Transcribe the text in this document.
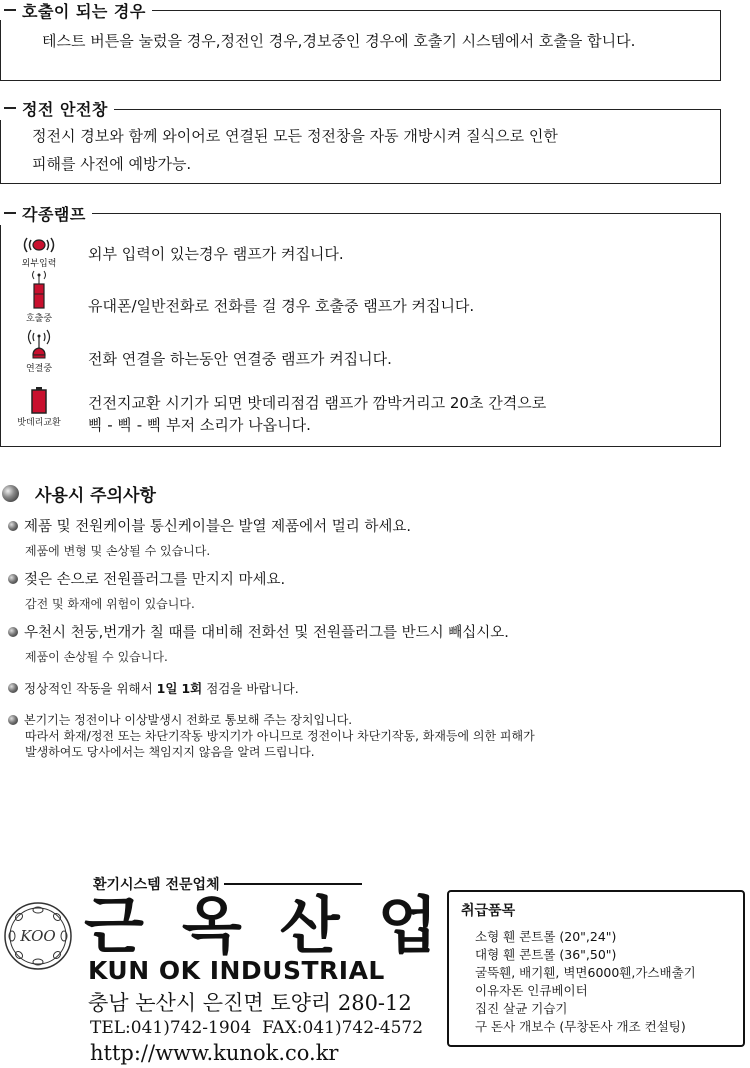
호출이 되는 경우
테스트 버튼을 눌렀을 경우,정전인 경우,경보중인 경우에 호출기 시스템에서 호출을 합니다.
정전 안전창
정전시 경보와 함께 와이어로 연결된 모든 정전창을 자동 개방시켜 질식으로 인한
피해를 사전에 예방가능.
각종램프
외부입력
외부 입력이 있는경우 램프가 켜집니다.
호출중
유대폰/일반전화로 전화를 걸 경우 호출중 램프가 켜집니다.
연결중
전화 연결을 하는동안 연결중 램프가 켜집니다.
밧데리교환
건전지교환 시기가 되면 밧데리점검 램프가 깜박거리고 20초 간격으로
삑 - 삑 - 삑 부저 소리가 나옵니다.
사용시 주의사항
제품 및 전원케이블 통신케이블은 발열 제품에서 멀리 하세요.
제품에 변형 및 손상될 수 있습니다.
젖은 손으로 전원플러그를 만지지 마세요.
감전 및 화재에 위험이 있습니다.
우천시 천둥,번개가 칠 때를 대비해 전화선 및 전원플러그를 반드시 빼십시오.
제품이 손상될 수 있습니다.
정상적인 작동을 위해서 1일
1회 점검을 바랍니다.
본기기는 정전이나 이상발생시 전화로 통보해 주는 장치입니다.
따라서 화재/정전 또는 차단기작동 방지기가 아니므로 정전이나 차단기작동, 화재등에 의한 피해가
발생하여도 당사에서는 책임지지 않음을 알려 드립니다.
환기시스템 전문업체
KOO 근옥산업
KUN OK INDUSTRIAL
충남 논산시 은진면 토양리 280-12
TEL:041)742-1904  FAX:041)742-4572
http://www.kunok.co.kr
취급품목
소형 휀 콘트롤 (20",24")
대형 휀 콘트롤 (36",50")
굴뚝휀, 배기휀, 벽면6000휀,가스배출기
이유자돈 인큐베이터
집진 살균 기습기
구 돈사 개보수 (무창돈사 개조 컨설팅)
